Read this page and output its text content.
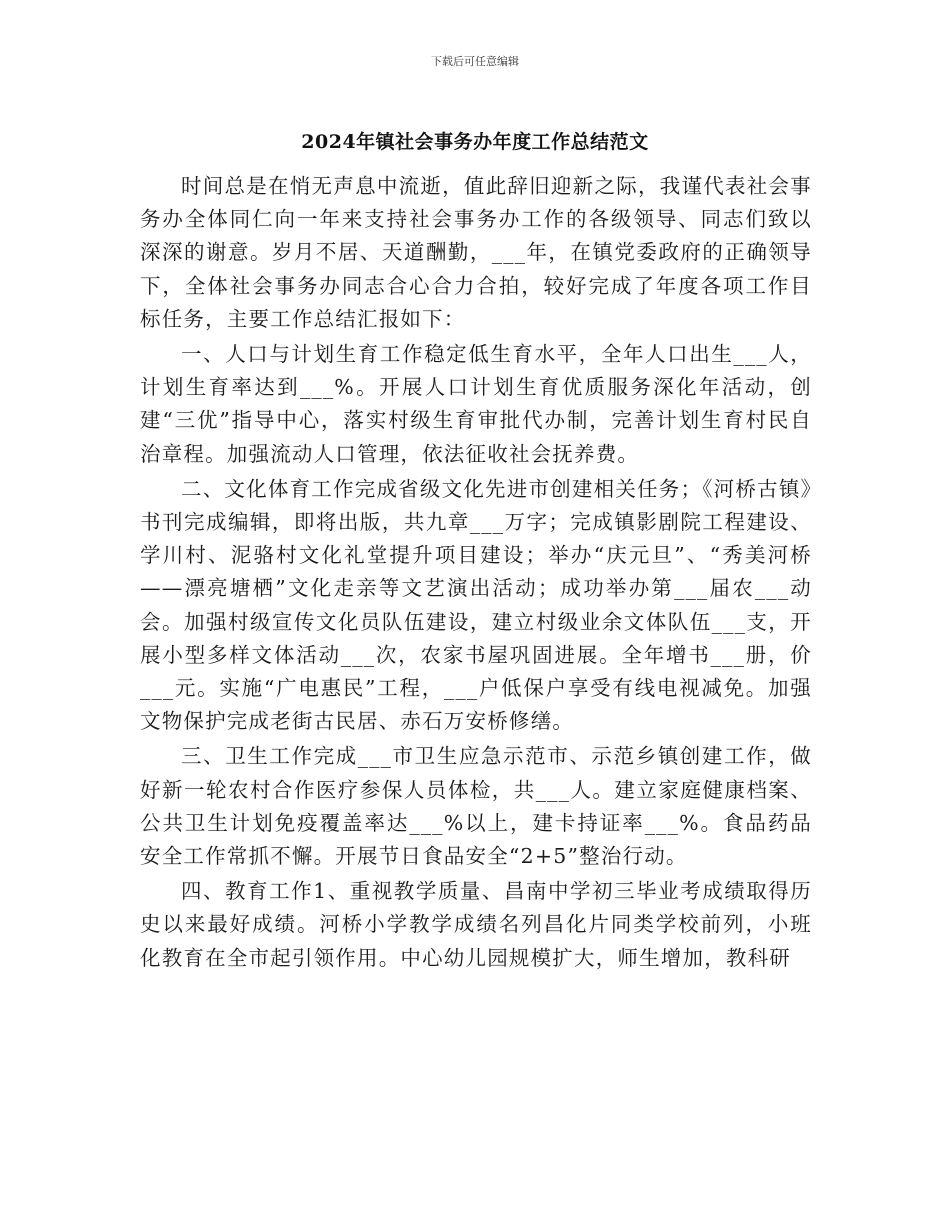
下载后可任意编辑
2024年镇社会事务办年度工作总结范文

时间总是在悄无声息中流逝，值此辞旧迎新之际，我谨代表社会事务办全体同仁向一年来支持社会事务办工作的各级领导、同志们致以深深的谢意。岁月不居、天道酬勤，___年，在镇党委政府的正确领导下，全体社会事务办同志合心合力合拍，较好完成了年度各项工作目标任务，主要工作总结汇报如下：

一、人口与计划生育工作稳定低生育水平，全年人口出生___人，计划生育率达到___%。开展人口计划生育优质服务深化年活动，创建“三优”指导中心，落实村级生育审批代办制，完善计划生育村民自治章程。加强流动人口管理，依法征收社会抚养费。

二、文化体育工作完成省级文化先进市创建相关任务；《河桥古镇》书刊完成编辑，即将出版，共九章___万字；完成镇影剧院工程建设、学川村、泥骆村文化礼堂提升项目建设；举办“庆元旦”、“秀美河桥——漂亮塘栖”文化走亲等文艺演出活动；成功举办第___届农___动会。加强村级宣传文化员队伍建设，建立村级业余文体队伍___支，开展小型多样文体活动___次，农家书屋巩固进展。全年增书___册，价___元。实施“广电惠民”工程，___户低保户享受有线电视减免。加强文物保护完成老街古民居、赤石万安桥修缮。

三、卫生工作完成___市卫生应急示范市、示范乡镇创建工作，做好新一轮农村合作医疗参保人员体检，共___人。建立家庭健康档案、公共卫生计划免疫覆盖率达___%以上，建卡持证率___%。食品药品安全工作常抓不懈。开展节日食品安全“2+5”整治行动。

四、教育工作1、重视教学质量、昌南中学初三毕业考成绩取得历史以来最好成绩。河桥小学教学成绩名列昌化片同类学校前列，小班化教育在全市起引领作用。中心幼儿园规模扩大，师生增加，教科研
